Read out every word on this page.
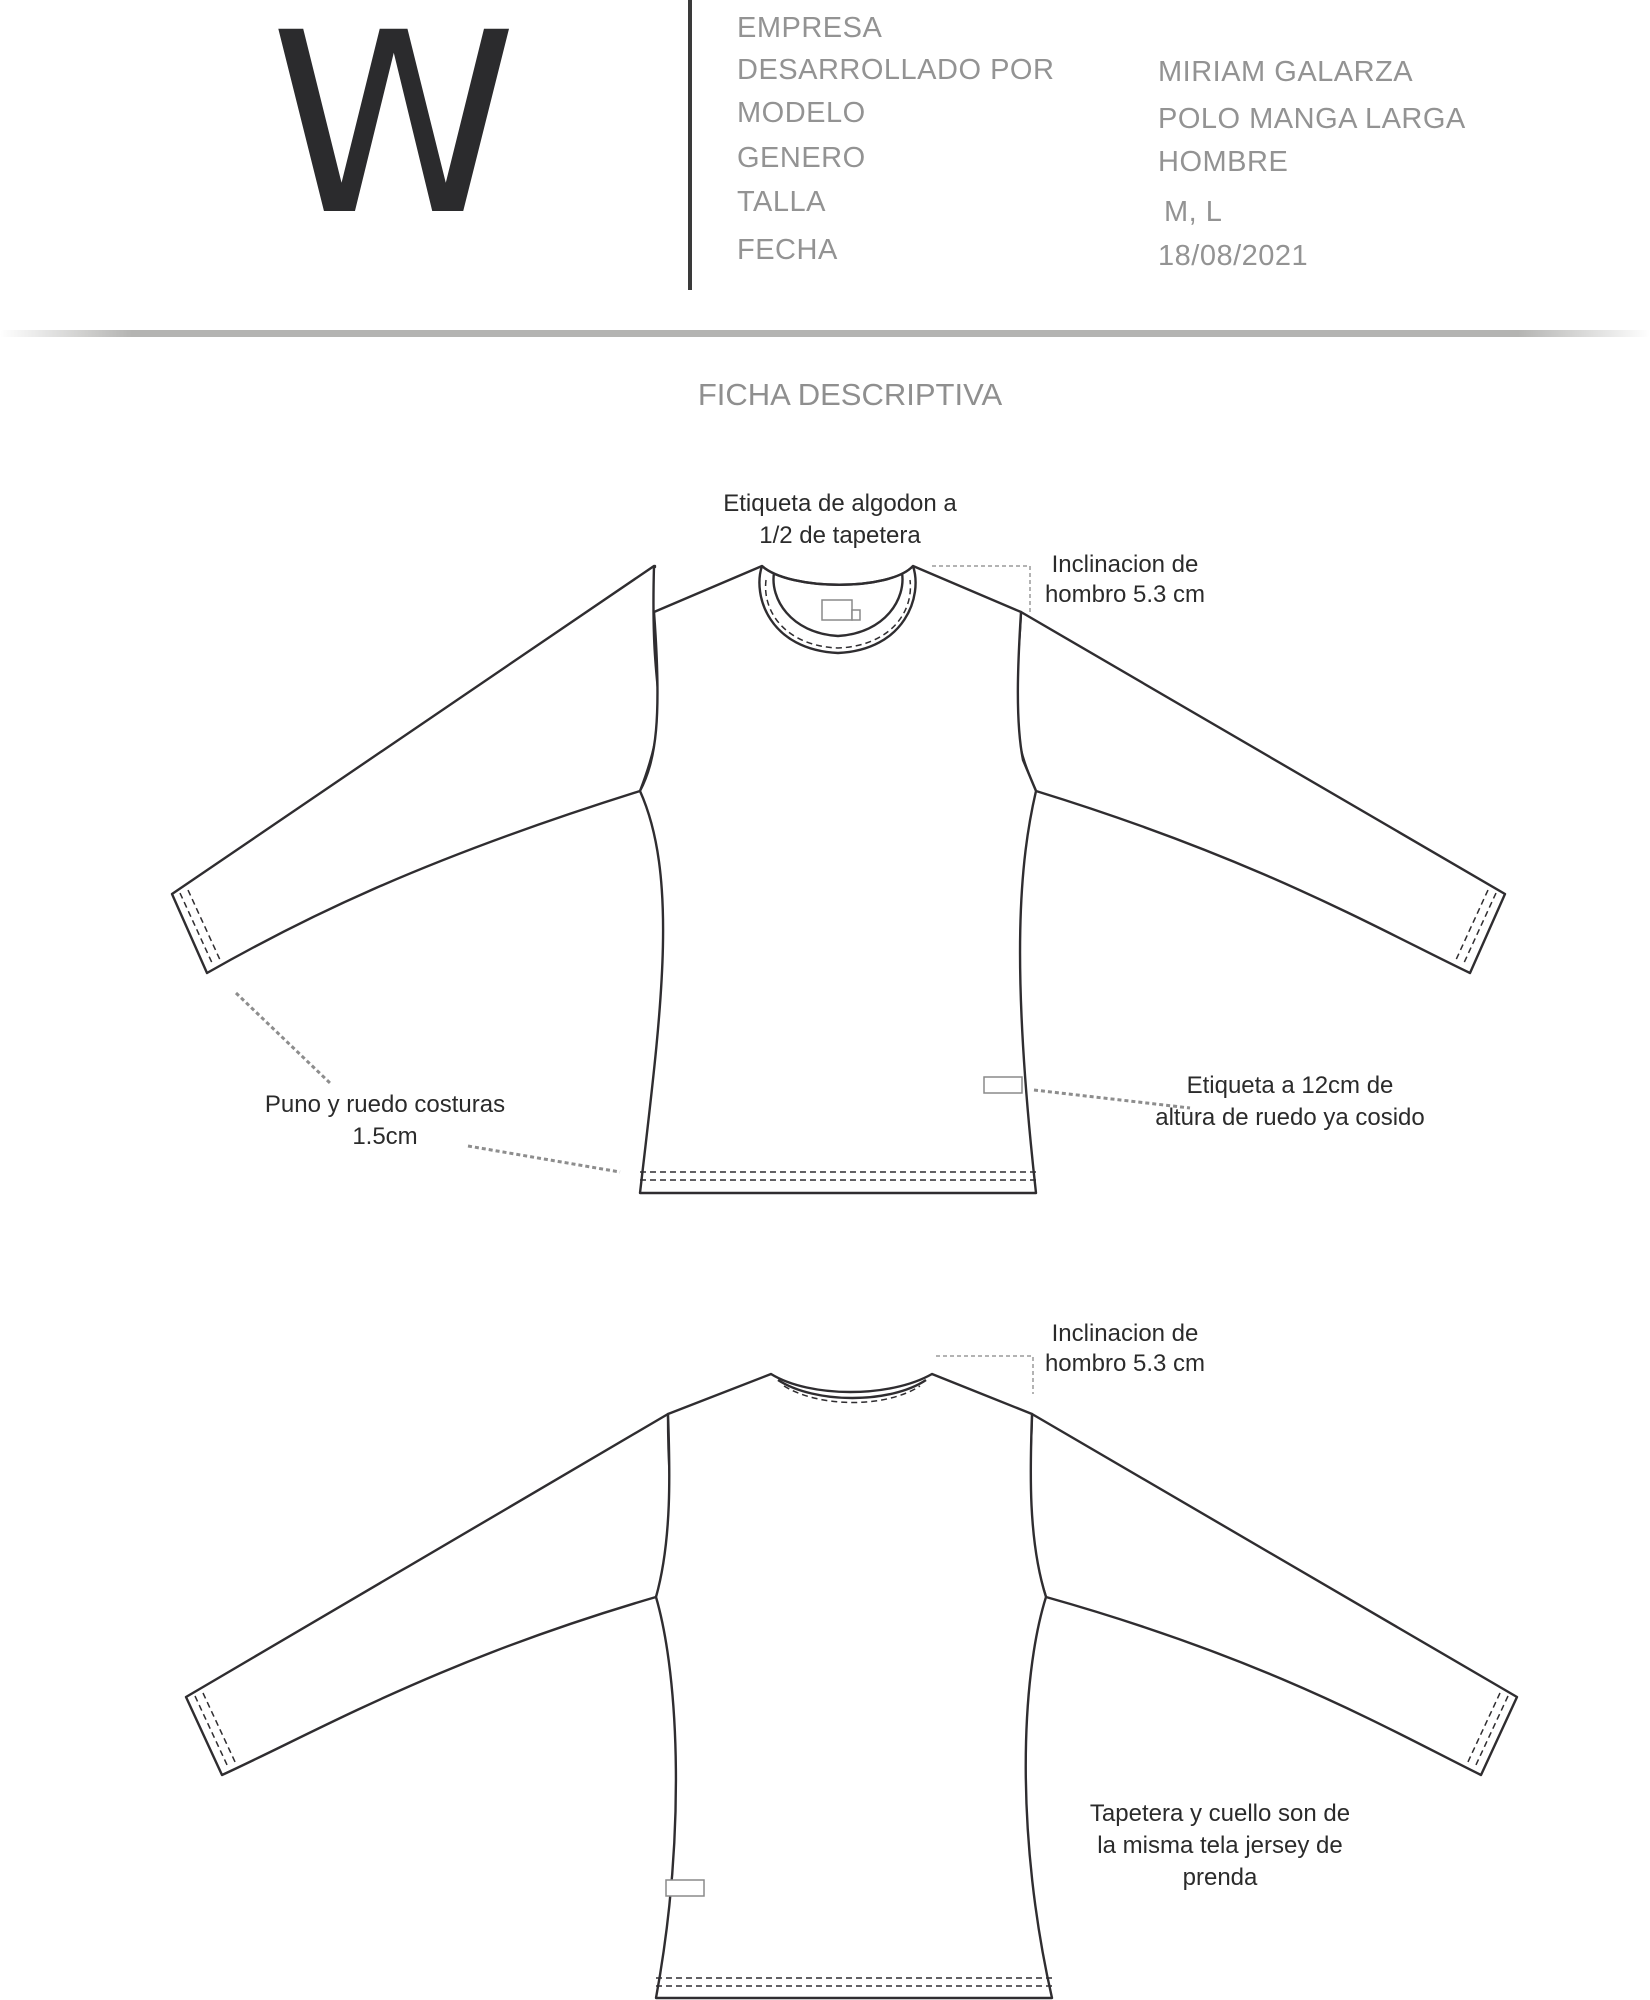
W	EMPRESA
DESARROLLADO POR
MODELO
GENERO
TALLA
FECHA
MIRIAM GALARZA
POLO MANGA LARGA
HOMBRE
M, L
18/08/2021
FICHA DESCRIPTIVA
Etiqueta de algodon a
1/2 de tapetera
Inclinacion de
hombro 5.3 cm
Puno y ruedo costuras
1.5cm
Etiqueta a 12cm de
altura de ruedo ya cosido
Inclinacion de
hombro 5.3 cm
Tapetera y cuello son de
la misma tela jersey de
prenda
